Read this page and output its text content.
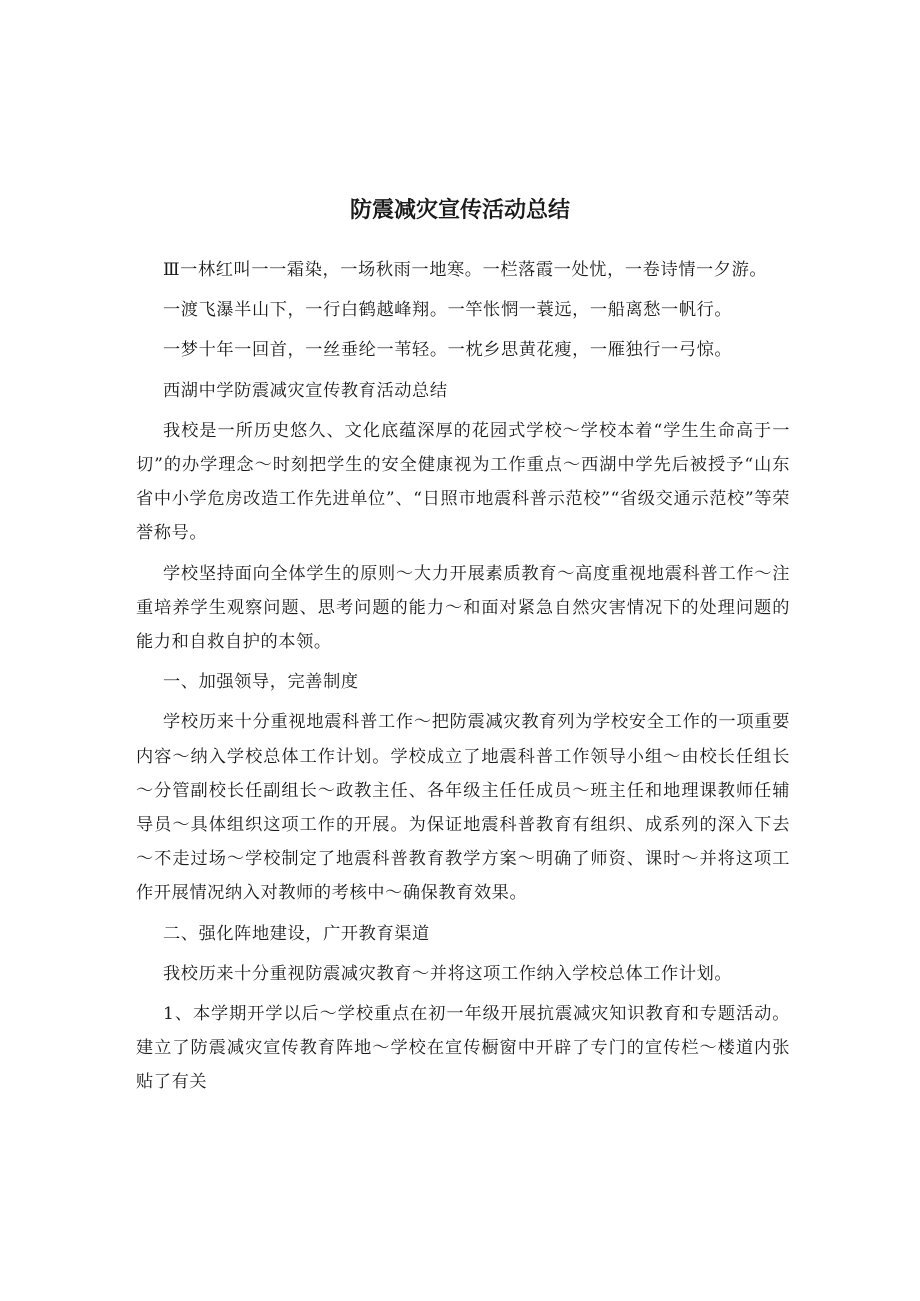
防震减灾宣传活动总结

Ⅲ一林红叫一一霜染，一场秋雨一地寒。一栏落霞一处忧，一卷诗情一夕游。

一渡飞瀑半山下，一行白鹤越峰翔。一竿怅惘一蓑远，一船离愁一帆行。

一梦十年一回首，一丝垂纶一苇轻。一枕乡思黄花瘦，一雁独行一弓惊。

西湖中学防震减灾宣传教育活动总结

我校是一所历史悠久、文化底蕴深厚的花园式学校～学校本着“学生生命高于一切”的办学理念～时刻把学生的安全健康视为工作重点～西湖中学先后被授予“山东省中小学危房改造工作先进单位”、“日照市地震科普示范校”“省级交通示范校”等荣誉称号。

学校坚持面向全体学生的原则～大力开展素质教育～高度重视地震科普工作～注重培养学生观察问题、思考问题的能力～和面对紧急自然灾害情况下的处理问题的能力和自救自护的本领。

一、加强领导，完善制度

学校历来十分重视地震科普工作～把防震减灾教育列为学校安全工作的一项重要内容～纳入学校总体工作计划。学校成立了地震科普工作领导小组～由校长任组长～分管副校长任副组长～政教主任、各年级主任任成员～班主任和地理课教师任辅导员～具体组织这项工作的开展。为保证地震科普教育有组织、成系列的深入下去～不走过场～学校制定了地震科普教育教学方案～明确了师资、课时～并将这项工作开展情况纳入对教师的考核中～确保教育效果。

二、强化阵地建设，广开教育渠道

我校历来十分重视防震减灾教育～并将这项工作纳入学校总体工作计划。

1、本学期开学以后～学校重点在初一年级开展抗震减灾知识教育和专题活动。建立了防震减灾宣传教育阵地～学校在宣传橱窗中开辟了专门的宣传栏～楼道内张贴了有关
